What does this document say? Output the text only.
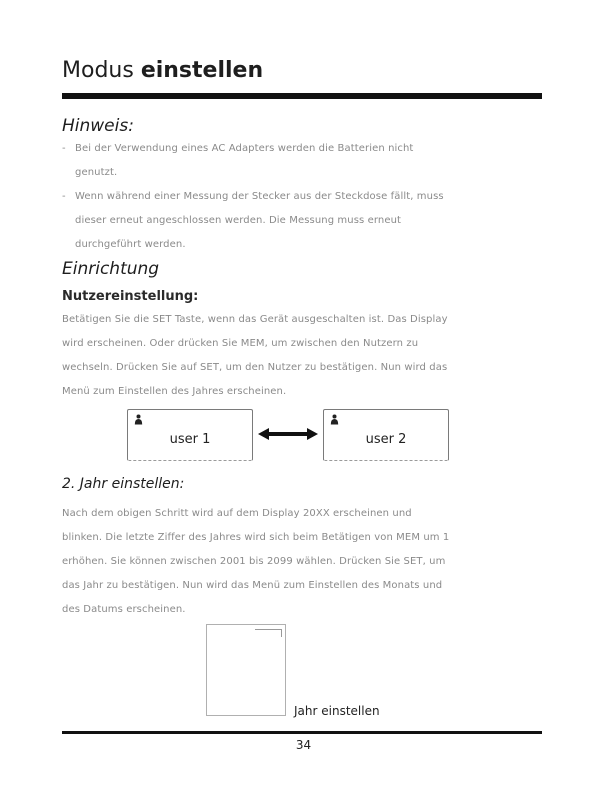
Modus einstellen
Hinweis:
- Bei der Verwendung eines AC Adapters werden die Batterien nicht
genutzt.
- Wenn während einer Messung der Stecker aus der Steckdose fällt, muss
dieser erneut angeschlossen werden. Die Messung muss erneut
durchgeführt werden.
Einrichtung
Nutzereinstellung:
Betätigen Sie die SET Taste, wenn das Gerät ausgeschalten ist. Das Display
wird erscheinen. Oder drücken Sie MEM, um zwischen den Nutzern zu
wechseln. Drücken Sie auf SET, um den Nutzer zu bestätigen. Nun wird das
Menü zum Einstellen des Jahres erscheinen.
user 1	user 2
2. Jahr einstellen:
Nach dem obigen Schritt wird auf dem Display 20XX erscheinen und
blinken. Die letzte Ziffer des Jahres wird sich beim Betätigen von MEM um 1
erhöhen. Sie können zwischen 2001 bis 2099 wählen. Drücken Sie SET, um
das Jahr zu bestätigen. Nun wird das Menü zum Einstellen des Monats und
des Datums erscheinen.
Jahr einstellen
34
